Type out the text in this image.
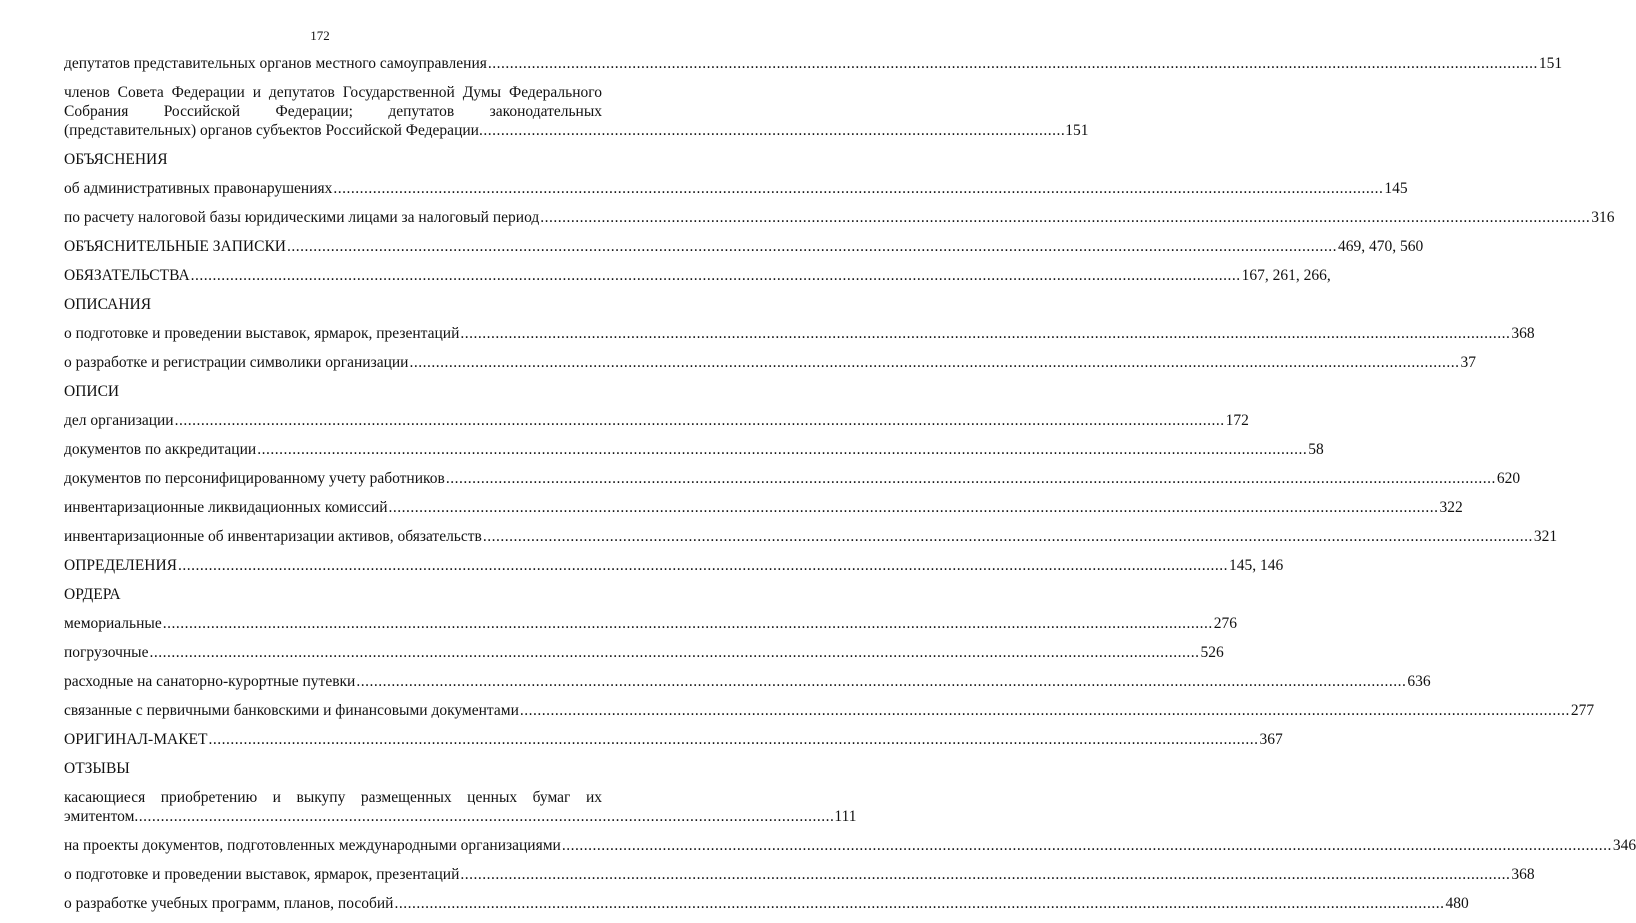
172
депутатов представительных органов местного самоуправления .....	151
членов Совета Федерации и депутатов Государственной Думы Федерального
Собрания Российской Федерации; депутатов законодательных
(представительных) органов субъектов Российской Федерации ...................................................................................................................................... 151
ОБЪЯСНЕНИЯ
об административных правонарушениях .....	145
по расчету налоговой базы юридическими лицами за налоговый период .....	316
ОБЪЯСНИТЕЛЬНЫЕ ЗАПИСКИ .....	469, 470, 560
ОБЯЗАТЕЛЬСТВА .....	167, 261, 266,
ОПИСАНИЯ
о подготовке и проведении выставок, ярмарок, презентаций .....	368
о разработке и регистрации символики организации .....	37
ОПИСИ
дел организации .....	172
документов по аккредитации .....	58
документов по персонифицированному учету работников .....	620
инвентаризационные ликвидационных комиссий .....	322
инвентаризационные об инвентаризации активов, обязательств .....	321
ОПРЕДЕЛЕНИЯ .....	145, 146
ОРДЕРА
мемориальные .....	276
погрузочные .....	526
расходные на санаторно-курортные путевки .....	636
связанные с первичными банковскими и финансовыми документами .....	277
ОРИГИНАЛ-МАКЕТ .....	367
ОТЗЫВЫ
касающиеся приобретению и выкупу размещенных ценных бумаг их
эмитентом ................................................................................................................................................................ 111
на проекты документов, подготовленных международными организациями .....	346
о подготовке и проведении выставок, ярмарок, презентаций .....	368
о разработке учебных программ, планов, пособий .....	480
